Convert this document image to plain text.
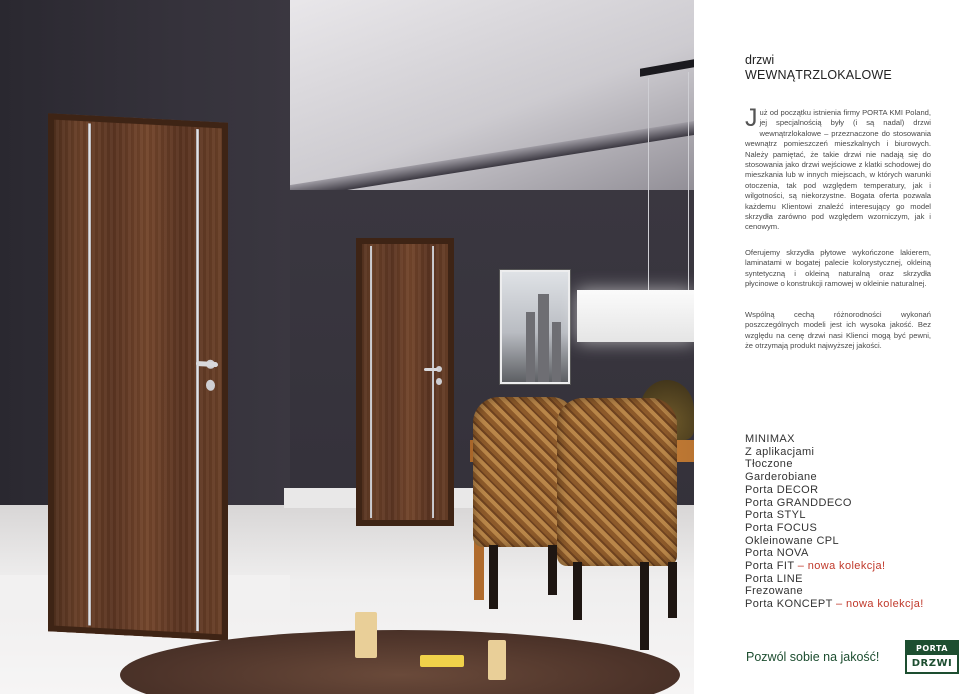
drzwi
WEWNĄTRZLOKALOWE

Już od początku istnienia firmy PORTA KMI Poland, jej specjalnością były (i są nadal) drzwi wewnątrzlokalowe – przeznaczone do stosowania wewnątrz pomieszczeń mieszkalnych i biurowych. Należy pamiętać, że takie drzwi nie nadają się do stosowania jako drzwi wejściowe z klatki schodowej do mieszkania lub w innych miejscach, w których warunki otoczenia, tak pod względem temperatury, jak i wilgotności, są niekorzystne. Bogata oferta pozwala każdemu Klientowi znaleźć interesujący go model skrzydła zarówno pod względem wzorniczym, jak i cenowym.

Oferujemy skrzydła płytowe wykończone lakierem, laminatami w bogatej palecie kolorystycznej, okleiną syntetyczną i okleiną naturalną oraz skrzydła płycinowe o konstrukcji ramowej w okleinie naturalnej.

Wspólną cechą różnorodności wykonań poszczególnych modeli jest ich wysoka jakość. Bez względu na cenę drzwi nasi Klienci mogą być pewni, że otrzymają produkt najwyższej jakości.

MINIMAX
Z aplikacjami
Tłoczone
Garderobiane
Porta DECOR
Porta GRANDDECO
Porta STYL
Porta FOCUS
Okleinowane CPL
Porta NOVA
Porta FIT – nowa kolekcja!
Porta LINE
Frezowane
Porta KONCEPT – nowa kolekcja!
Pozwól sobie na jakość!
PORTA
DRZWI
